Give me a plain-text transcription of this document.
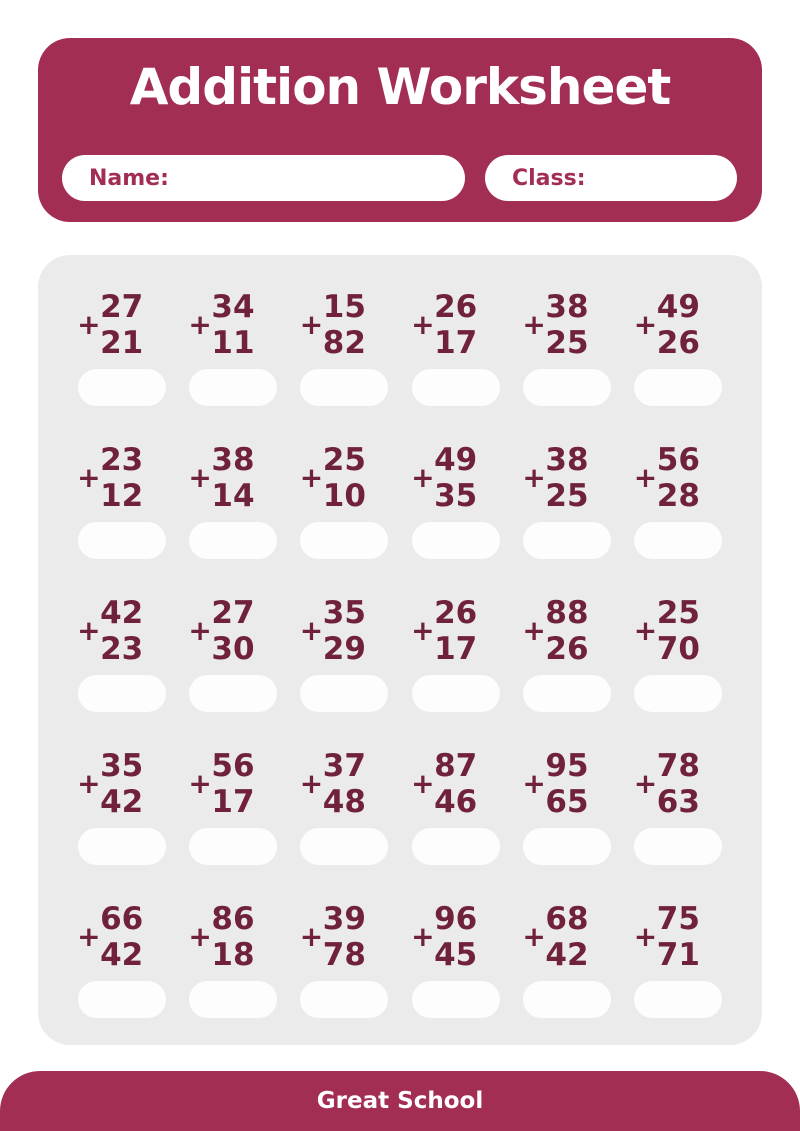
Addition Worksheet
Name:	Class:
+ 27
21
+ 34
11
+ 15
82
+ 26
17
+ 38
25
+ 49
26
+ 23
12
+ 38
14
+ 25
10
+ 49
35
+ 38
25
+ 56
28
+ 42
23
+ 27
30
+ 35
29
+ 26
17
+ 88
26
+ 25
70
+ 35
42
+ 56
17
+ 37
48
+ 87
46
+ 95
65
+ 78
63
+ 66
42
+ 86
18
+ 39
78
+ 96
45
+ 68
42
+ 75
71
Great School
